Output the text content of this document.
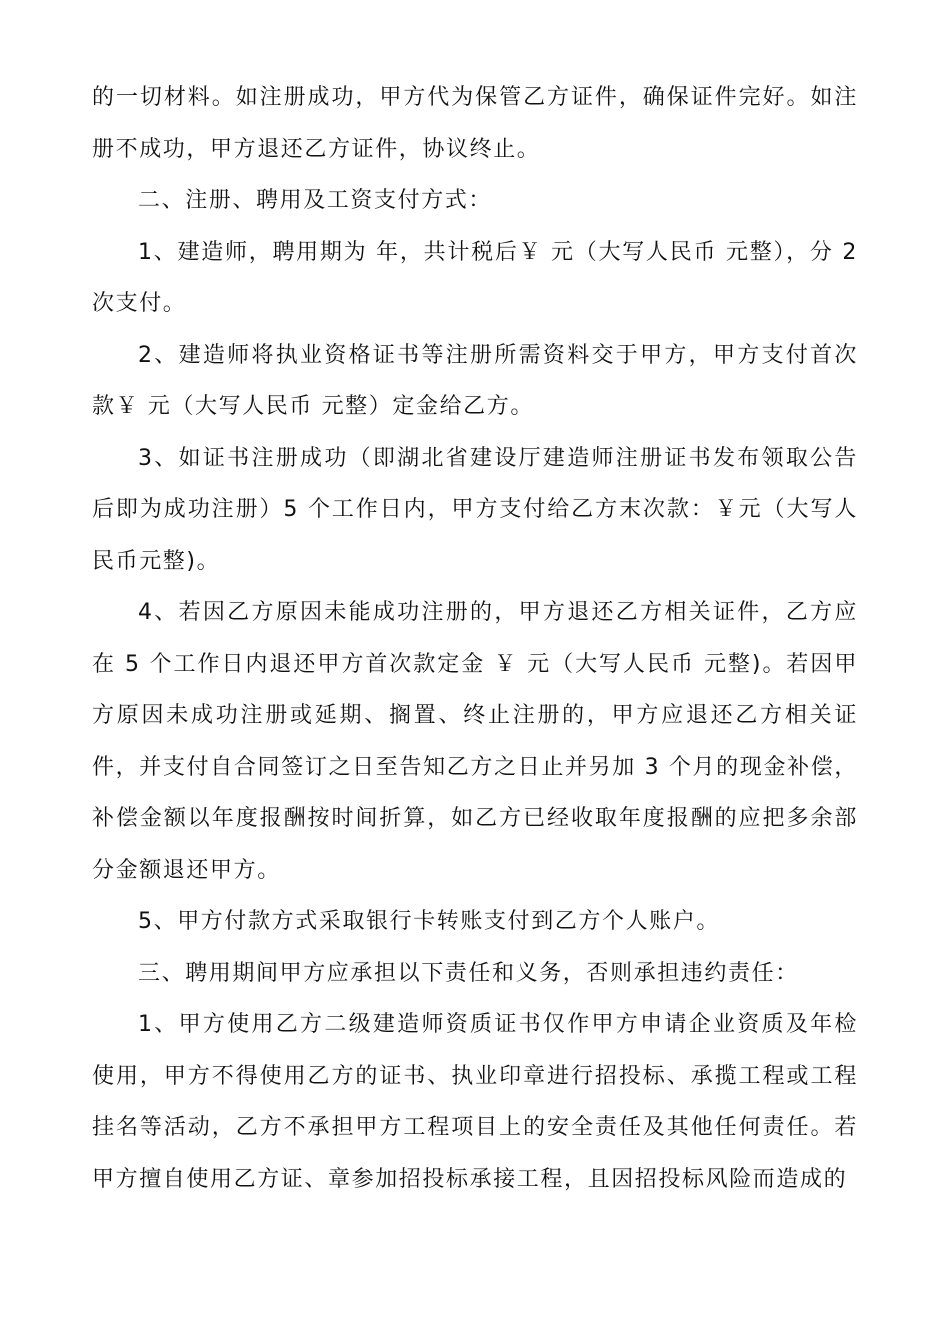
的一切材料。如注册成功，甲方代为保管乙方证件，确保证件完好。如注册不成功，甲方退还乙方证件，协议终止。

二、注册、聘用及工资支付方式：

1、建造师，聘用期为 年，共计税后￥ 元（大写人民币 元整），分 2 次支付。

2、建造师将执业资格证书等注册所需资料交于甲方，甲方支付首次款￥ 元（大写人民币 元整）定金给乙方。

3、如证书注册成功（即湖北省建设厅建造师注册证书发布领取公告后即为成功注册）5 个工作日内，甲方支付给乙方末次款：￥元（大写人民币元整)。

4、若因乙方原因未能成功注册的，甲方退还乙方相关证件，乙方应在 5 个工作日内退还甲方首次款定金 ￥ 元（大写人民币 元整)。若因甲方原因未成功注册或延期、搁置、终止注册的，甲方应退还乙方相关证件，并支付自合同签订之日至告知乙方之日止并另加 3 个月的现金补偿，补偿金额以年度报酬按时间折算，如乙方已经收取年度报酬的应把多余部分金额退还甲方。

5、甲方付款方式采取银行卡转账支付到乙方个人账户。

三、聘用期间甲方应承担以下责任和义务，否则承担违约责任：

1、甲方使用乙方二级建造师资质证书仅作甲方申请企业资质及年检使用，甲方不得使用乙方的证书、执业印章进行招投标、承揽工程或工程挂名等活动，乙方不承担甲方工程项目上的安全责任及其他任何责任。若甲方擅自使用乙方证、章参加招投标承接工程，且因招投标风险而造成的
